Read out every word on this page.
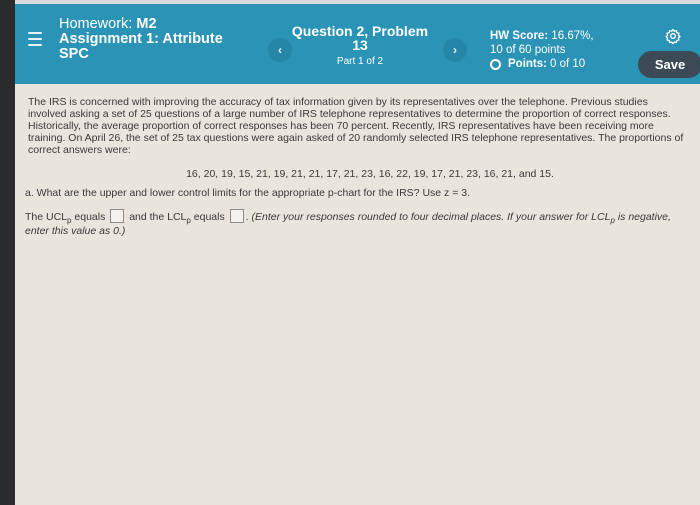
Homework: M2
Assignment 1: Attribute SPC	‹
Question 2, Problem 13
Part 1 of 2
›
HW Score: 16.67%,
10 of 60 points
Points: 0 of 10	Save

The IRS is concerned with improving the accuracy of tax information given by its representatives over the telephone. Previous studies involved asking a set of 25 questions of a large number of IRS telephone representatives to determine the proportion of correct responses. Historically, the average proportion of correct responses has been 70 percent. Recently, IRS representatives have been receiving more training. On April 26, the set of 25 tax questions were again asked of 20 randomly selected IRS telephone representatives. The proportions of correct answers were:

16, 20, 19, 15, 21, 19, 21, 21, 17, 21, 23, 16, 22, 19, 17, 21, 23, 16, 21, and 15.

a. What are the upper and lower control limits for the appropriate p-chart for the IRS? Use z = 3.

The $UCL_p$ equals and the $LCL_p$ equals . (Enter your responses rounded to four decimal places. If your answer for $LCL_p$ is negative, enter this value as 0.)
